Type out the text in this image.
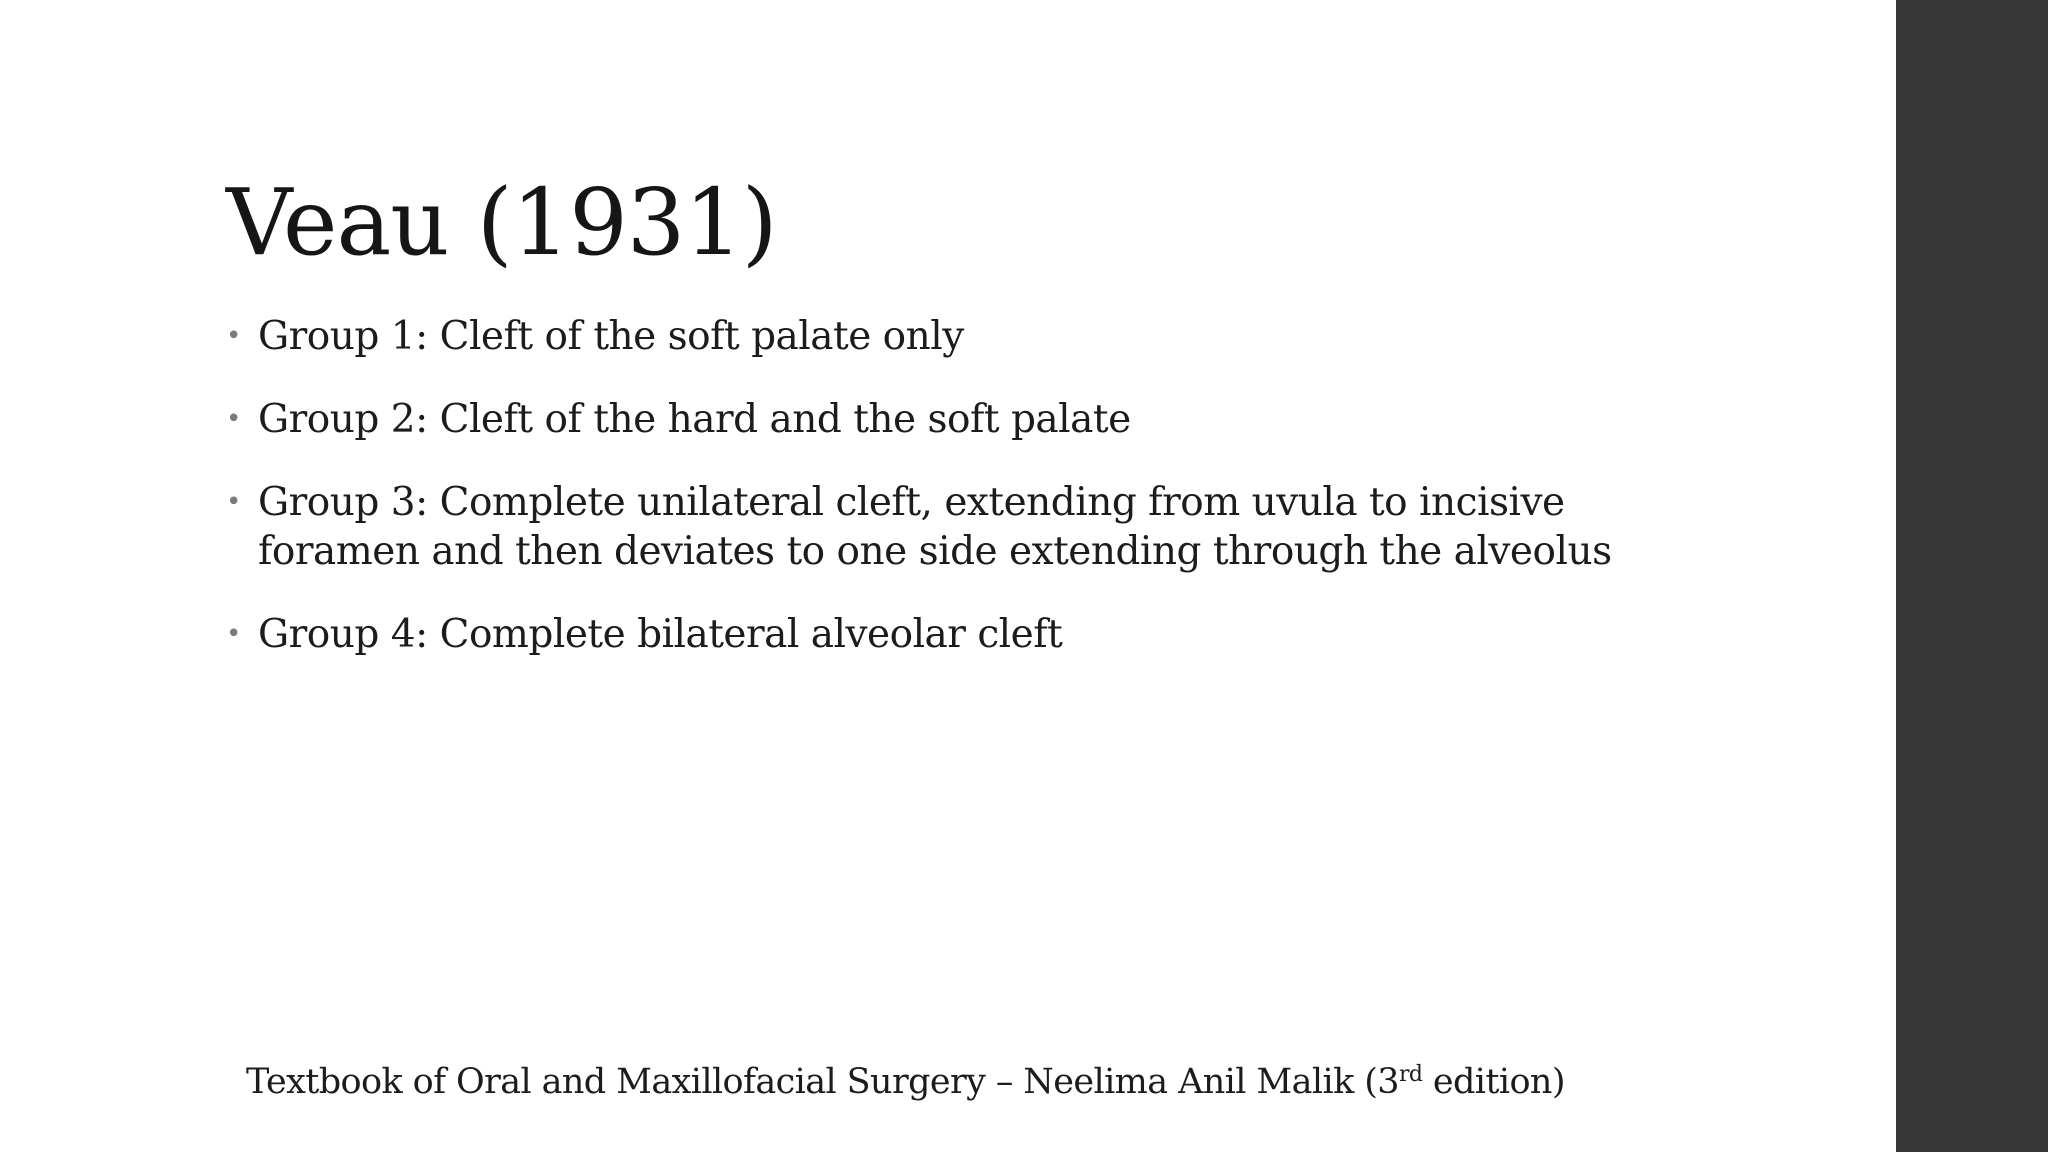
Veau (1931)
• Group 1: Cleft of the soft palate only
• Group 2: Cleft of the hard and the soft palate
• Group 3: Complete unilateral cleft, extending from uvula to incisive foramen and then deviates to one side extending through the alveolus
• Group 4: Complete bilateral alveolar cleft
Textbook of Oral and Maxillofacial Surgery – Neelima Anil Malik (3rd edition)
